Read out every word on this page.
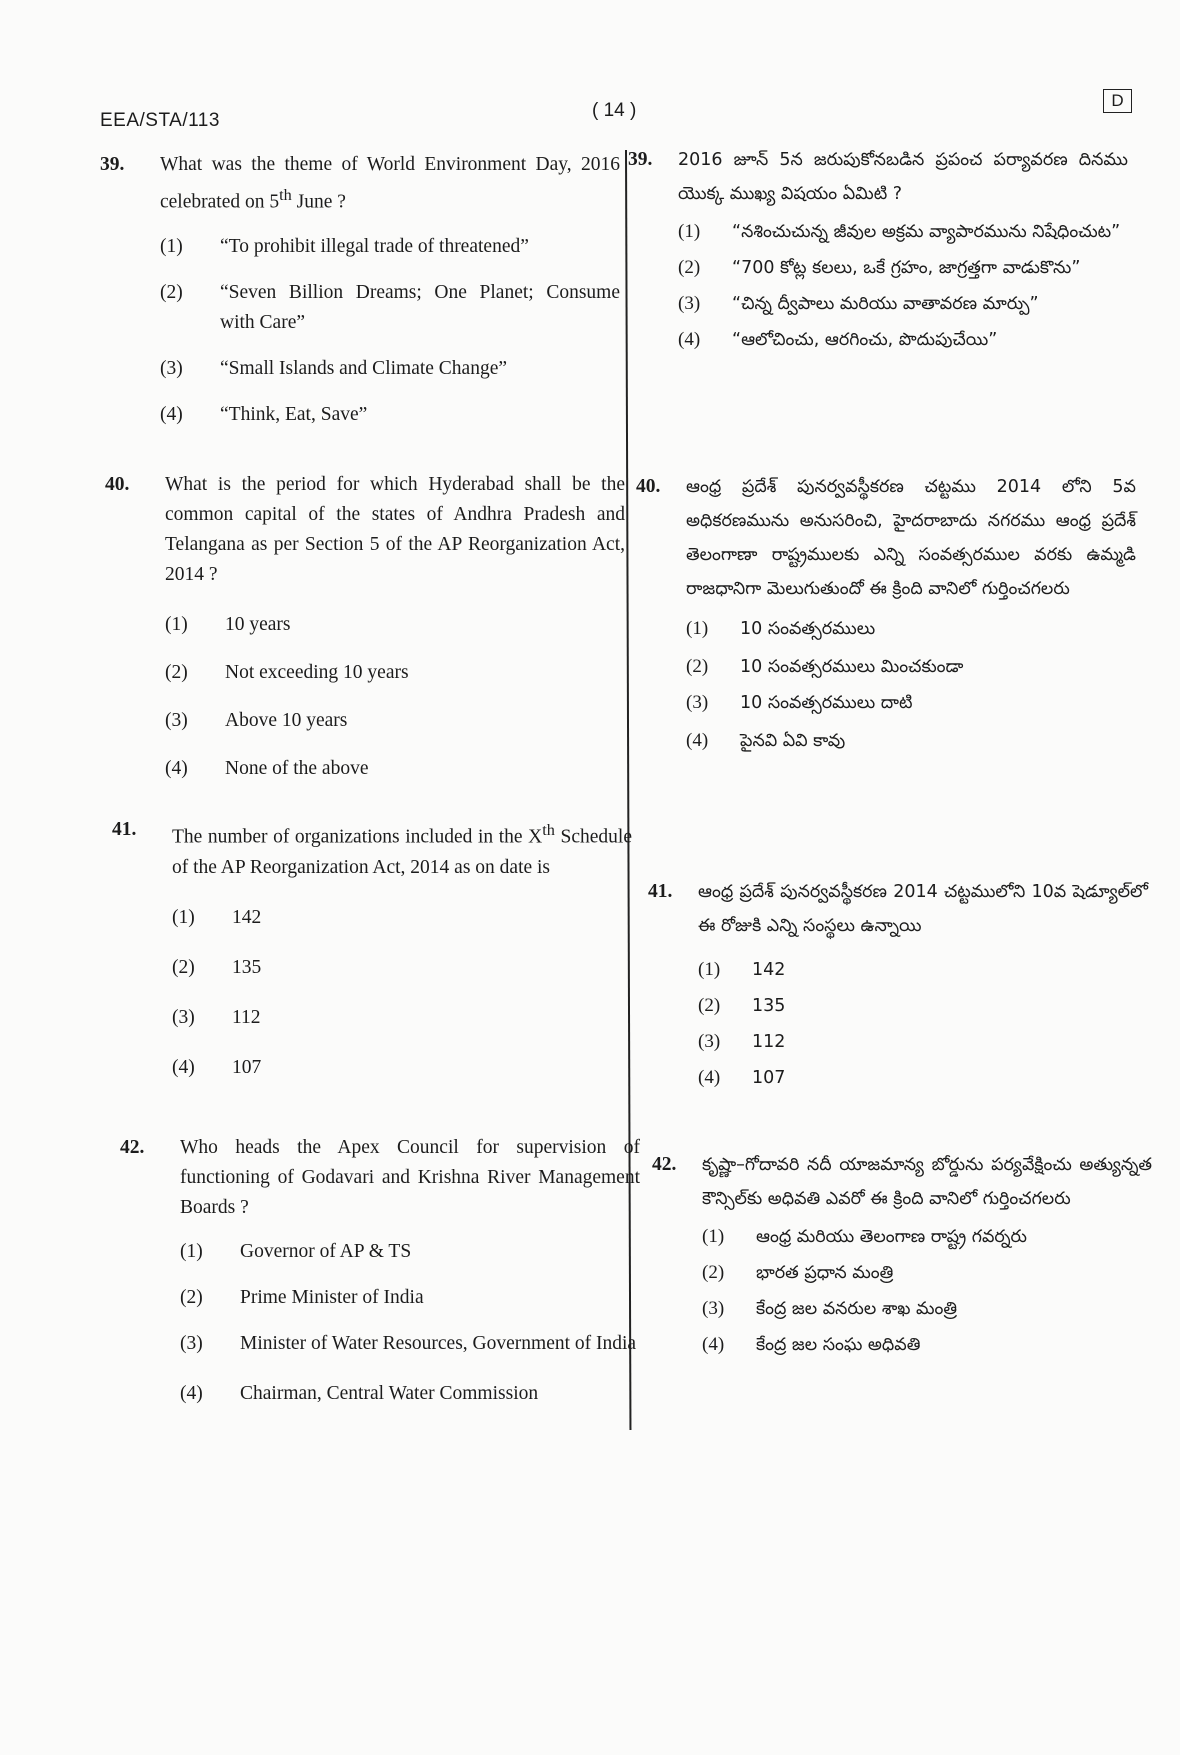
EEA/STA/113	( 14 )	D
39.	What was the theme of World Environment Day, 2016 celebrated on 5th June ?
(1)	“To prohibit illegal trade of threatened”
(2)	“Seven Billion Dreams; One Planet; Consume with Care”
(3)	“Small Islands and Climate Change”
(4)	“Think, Eat, Save”
40.	What is the period for which Hyderabad shall be the common capital of the states of Andhra Pradesh and Telangana as per Section 5 of the AP Reorganization Act, 2014 ?
(1)	10 years
(2)	Not exceeding 10 years
(3)	Above 10 years
(4)	None of the above
41.	The number of organizations included in the Xth Schedule of the AP Reorganization Act, 2014 as on date is
(1)	142
(2)	135
(3)	112
(4)	107
42.	Who heads the Apex Council for supervision of functioning of Godavari and Krishna River Management Boards ?
(1)	Governor of AP & TS
(2)	Prime Minister of India
(3)	Minister of Water Resources, Government of India
(4)	Chairman, Central Water Commission
39.	2016 జూన్ 5న జరుపుకోనబడిన ప్రపంచ పర్యావరణ దినము యొక్క ముఖ్య విషయం ఏమిటి ?
(1)	“నశించుచున్న జీవుల అక్రమ వ్యాపారమును నిషేధించుట”
(2)	“700 కోట్ల కలలు, ఒకే గ్రహం, జాగ్రత్తగా వాడుకొను”
(3)	“చిన్న ద్వీపాలు మరియు వాతావరణ మార్పు”
(4)	“ఆలోచించు, ఆరగించు, పొదుపుచేయి”
40.	ఆంధ్ర ప్రదేశ్ పునర్వవస్థీకరణ చట్టము 2014 లోని 5వ అధికరణమును అనుసరించి, హైదరాబాదు నగరము ఆంధ్ర ప్రదేశ్ తెలంగాణా రాష్ట్రములకు ఎన్ని సంవత్సరముల వరకు ఉమ్మడి రాజధానిగా మెలుగుతుందో ఈ క్రింది వానిలో గుర్తించగలరు
(1)	10 సంవత్సరములు
(2)	10 సంవత్సరములు మించకుండా
(3)	10 సంవత్సరములు దాటి
(4)	పైనవి ఏవి కావు
41.	ఆంధ్ర ప్రదేశ్ పునర్వవస్థీకరణ 2014 చట్టములోని 10వ షెడ్యూల్‌లో ఈ రోజుకి ఎన్ని సంస్థలు ఉన్నాయి
(1)	142
(2)	135
(3)	112
(4)	107
42.	కృష్ణా–గోదావరి నదీ యాజమాన్య బోర్డును పర్యవేక్షించు అత్యున్నత కౌన్సిల్‌కు అధివతి ఎవరో ఈ క్రింది వానిలో గుర్తించగలరు
(1)	ఆంధ్ర మరియు తెలంగాణ రాష్ట్ర గవర్నరు
(2)	భారత ప్రధాన మంత్రి
(3)	కేంద్ర జల వనరుల శాఖ మంత్రి
(4)	కేంద్ర జల సంఘ అధివతి
